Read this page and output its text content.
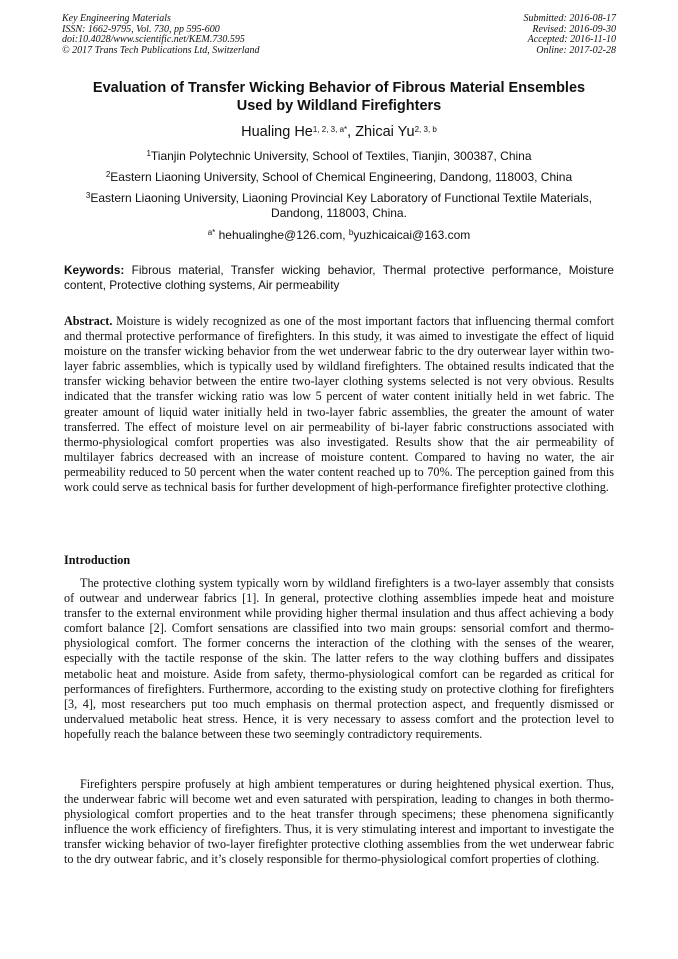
Key Engineering Materials
ISSN: 1662-9795, Vol. 730, pp 595-600
doi:10.4028/www.scientific.net/KEM.730.595
© 2017 Trans Tech Publications Ltd, Switzerland
Submitted: 2016-08-17
Revised: 2016-09-30
Accepted: 2016-11-10
Online: 2017-02-28
Evaluation of Transfer Wicking Behavior of Fibrous Material Ensembles
Used by Wildland Firefighters
Hualing $He^{1, 2, 3, a*}$, Zhicai Yu$^{2, 3, b}$
$^1$Tianjin Polytechnic University, School of Textiles, Tianjin, 300387, China
$^2$Eastern Liaoning University, School of Chemical Engineering, Dandong, 118003, China
$^3$Eastern Liaoning University, Liaoning Provincial Key Laboratory of Functional Textile Materials,
Dandong, 118003, China.
$^{a*}$ hehualinghe@126.com, $^b$yuzhicaicai@163.com
Keywords: Fibrous material, Transfer wicking behavior, Thermal protective performance, Moisture content, Protective clothing systems, Air permeability

Abstract. Moisture is widely recognized as one of the most important factors that influencing thermal comfort and thermal protective performance of firefighters. In this study, it was aimed to investigate the effect of liquid moisture on the transfer wicking behavior from the wet underwear fabric to the dry outerwear layer within two-layer fabric assemblies, which is typically used by wildland firefighters. The obtained results indicated that the transfer wicking behavior between the entire two-layer clothing systems selected is not very obvious. Results indicated that the transfer wicking ratio was low 5 percent of water content initially held in wet fabric. The greater amount of liquid water initially held in two-layer fabric assemblies, the greater the amount of water transferred. The effect of moisture level on air permeability of bi-layer fabric constructions associated with thermo-physiological comfort properties was also investigated. Results show that the air permeability of multilayer fabrics decreased with an increase of moisture content. Compared to having no water, the air permeability reduced to 50 percent when the water content reached up to 70%. The perception gained from this work could serve as technical basis for further development of high-performance firefighter protective clothing.

Introduction

The protective clothing system typically worn by wildland firefighters is a two-layer assembly that consists of outwear and underwear fabrics [1]. In general, protective clothing assemblies impede heat and moisture transfer to the external environment while providing higher thermal insulation and thus affect achieving a body comfort balance [2]. Comfort sensations are classified into two main groups: sensorial comfort and thermo-physiological comfort. The former concerns the interaction of the clothing with the senses of the wearer, especially with the tactile response of the skin. The latter refers to the way clothing buffers and dissipates metabolic heat and moisture. Aside from safety, thermo-physiological comfort can be regarded as critical for performances of firefighters. Furthermore, according to the existing study on protective clothing for firefighters [3, 4], most researchers put too much emphasis on thermal protection aspect, and frequently dismissed or undervalued metabolic heat stress. Hence, it is very necessary to assess comfort and the protection level to hopefully reach the balance between these two seemingly contradictory requirements.

Firefighters perspire profusely at high ambient temperatures or during heightened physical exertion. Thus, the underwear fabric will become wet and even saturated with perspiration, leading to changes in both thermo-physiological comfort properties and to the heat transfer through specimens; these phenomena significantly influence the work efficiency of firefighters. Thus, it is very stimulating interest and important to investigate the transfer wicking behavior of two-layer firefighter protective clothing assemblies from the wet underwear fabric to the dry outwear fabric, and it’s closely responsible for thermo-physiological comfort properties of clothing.
